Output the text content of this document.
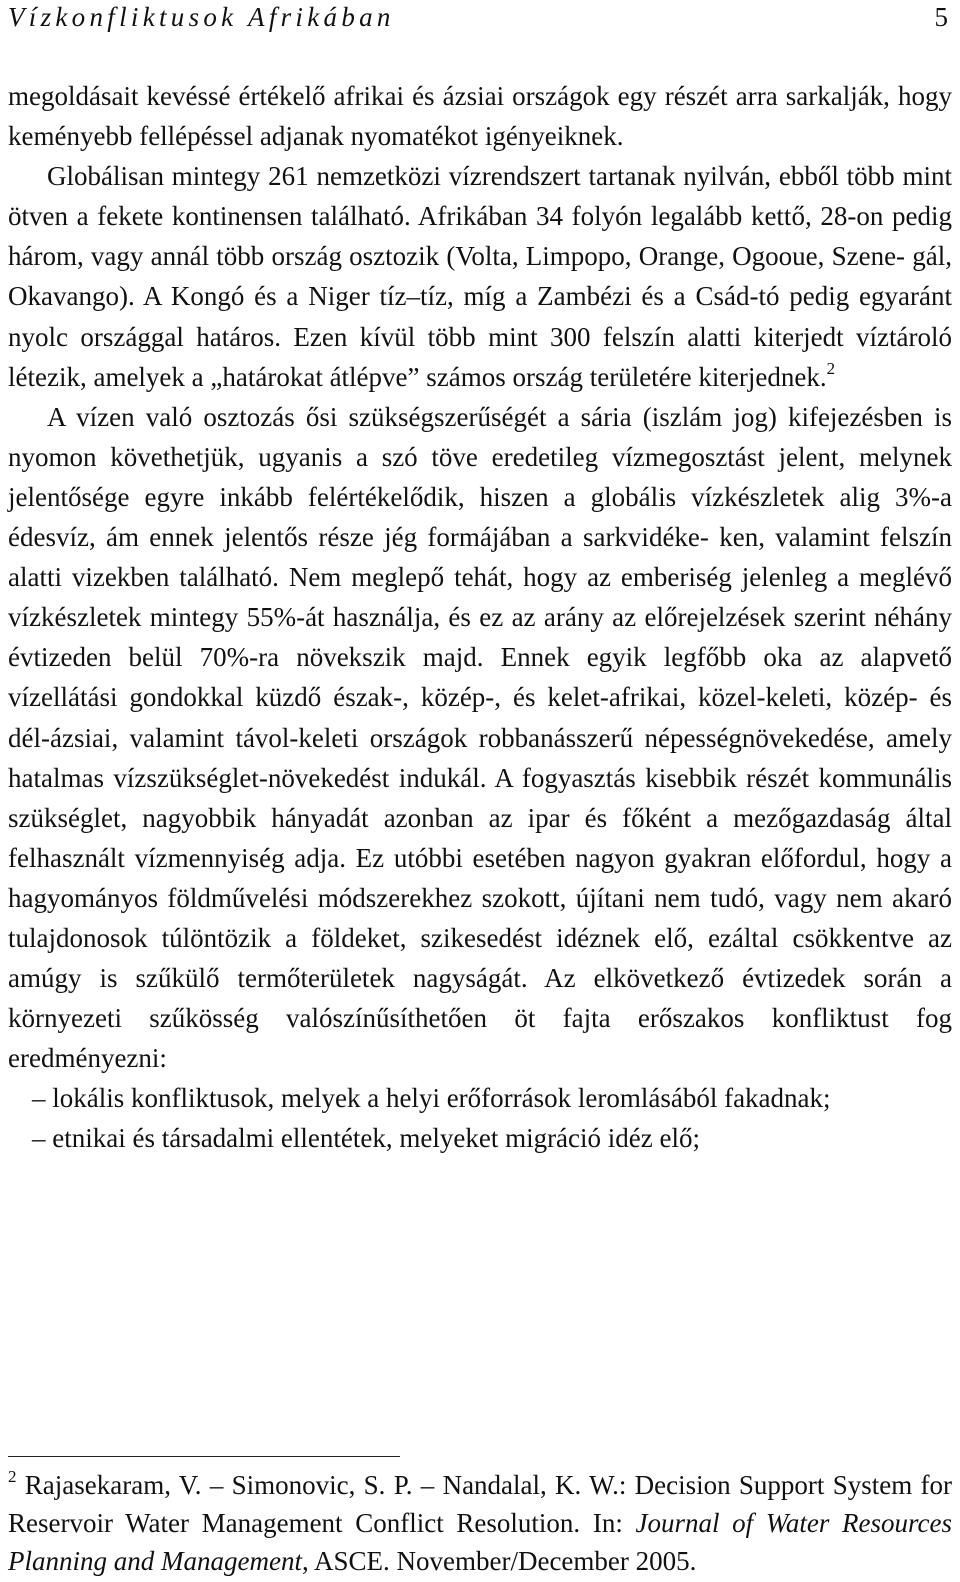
Vízkonfliktusok Afrikában	5

megoldásait kevéssé értékelő afrikai és ázsiai országok egy részét arra sarkalják, hogy keményebb fellépéssel adjanak nyomatékot igényeiknek.

Globálisan mintegy 261 nemzetközi vízrendszert tartanak nyilván, ebből több mint ötven a fekete kontinensen található. Afrikában 34 folyón legalább kettő, 28-on pedig három, vagy annál több ország osztozik (Volta, Limpopo, Orange, Ogooue, Szene- gál, Okavango). A Kongó és a Niger tíz–tíz, míg a Zambézi és a Csád-tó pedig egyaránt nyolc országgal határos. Ezen kívül több mint 300 felszín alatti kiterjedt víztároló létezik, amelyek a „határokat átlépve” számos ország területére kiterjednek.$^2$

A vízen való osztozás ősi szükségszerűségét a sária (iszlám jog) kifejezésben is nyomon követhetjük, ugyanis a szó töve eredetileg vízmegosztást jelent, melynek jelentősége egyre inkább felértékelődik, hiszen a globális vízkészletek alig 3%-a édesvíz, ám ennek jelentős része jég formájában a sarkvidéke- ken, valamint felszín alatti vizekben található. Nem meglepő tehát, hogy az emberiség jelenleg a meglévő vízkészletek mintegy 55%-át használja, és ez az arány az előrejelzések szerint néhány évtizeden belül 70%-ra növekszik majd. Ennek egyik legfőbb oka az alapvető vízellátási gondokkal küzdő észak-, közép-, és kelet-afrikai, közel-keleti, közép- és dél-ázsiai, valamint távol-keleti országok robbanásszerű népességnövekedése, amely hatalmas vízszükséglet-növekedést indukál. A fogyasztás kisebbik részét kommunális szükséglet, nagyobbik hányadát azonban az ipar és főként a mezőgazdaság által felhasznált vízmennyiség adja. Ez utóbbi esetében nagyon gyakran előfordul, hogy a hagyományos földművelési módszerekhez szokott, újítani nem tudó, vagy nem akaró tulajdonosok túlöntözik a földeket, szikesedést idéznek elő, ezáltal csökkentve az amúgy is szűkülő termőterületek nagyságát. Az elkövetkező évtizedek során a környezeti szűkösség valószínűsíthetően öt fajta erőszakos konfliktust fog eredményezni:

– lokális konfliktusok, melyek a helyi erőforrások leromlásából fakadnak;

– etnikai és társadalmi ellentétek, melyeket migráció idéz elő;

$^2$ Rajasekaram, V. – Simonovic, S. P. – Nandalal, K. W.: Decision Support System for Reservoir Water Management Conflict Resolution. In: Journal of Water Resources Planning and Management, ASCE. November/December 2005.
